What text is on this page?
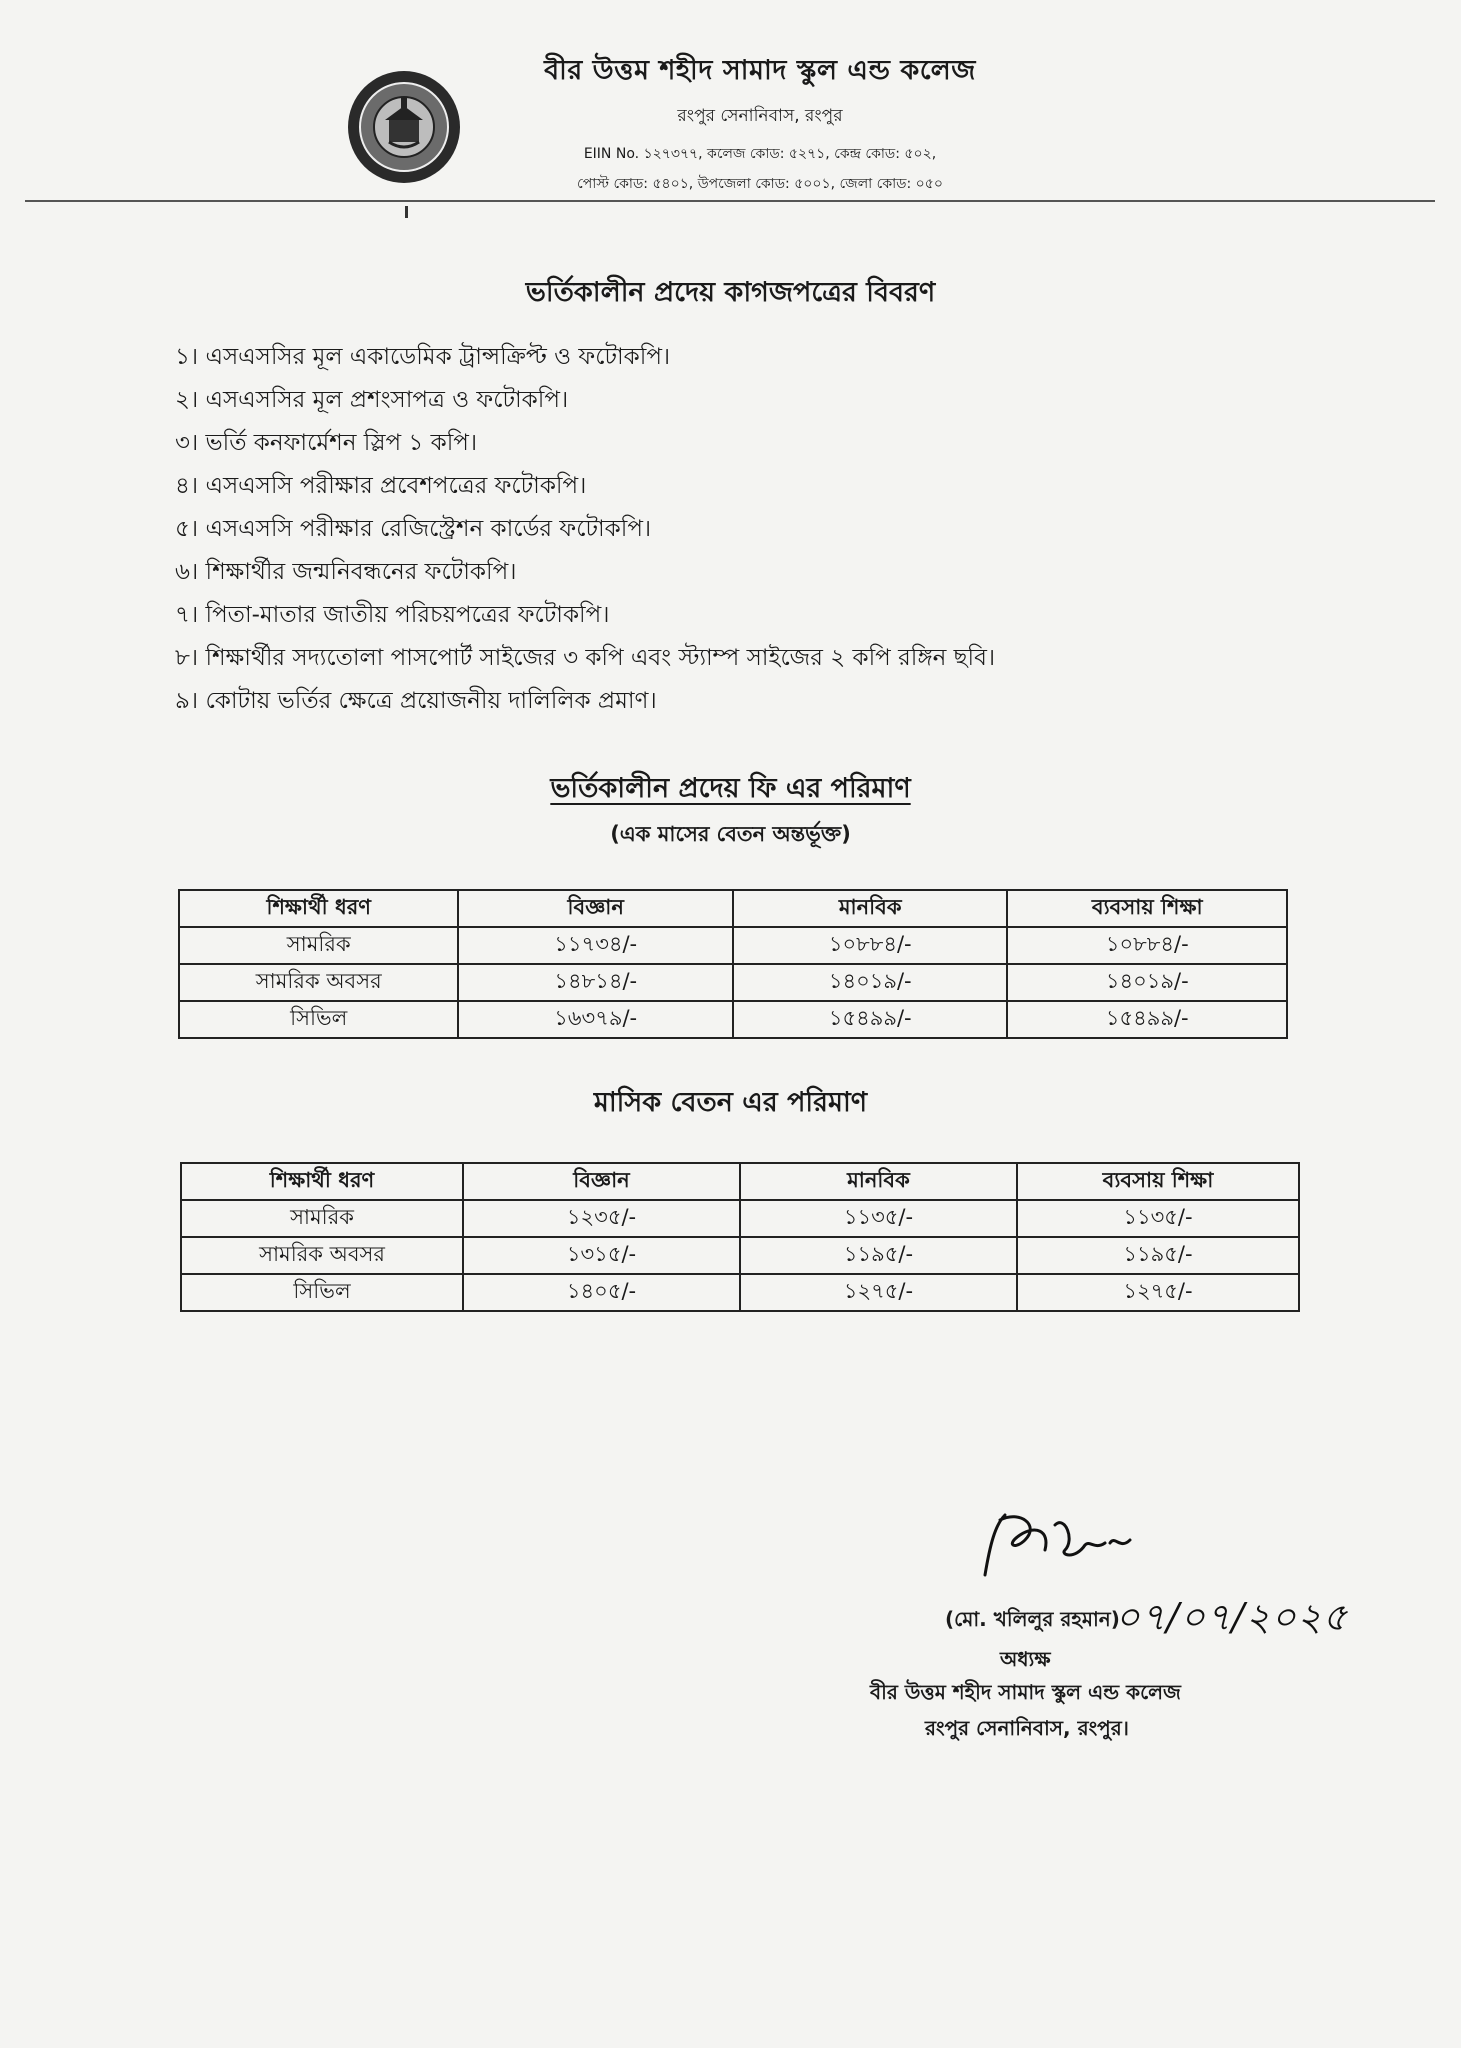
বীর উত্তম শহীদ সামাদ স্কুল এন্ড কলেজ

রংপুর সেনানিবাস, রংপুর

EIIN No. ১২৭৩৭৭, কলেজ কোড: ৫২৭১, কেন্দ্র কোড: ৫০২,
পোস্ট কোড: ৫৪০১, উপজেলা কোড: ৫০০১, জেলা কোড: ০৫০

ভর্তিকালীন প্রদেয় কাগজপত্রের বিবরণ
১। এসএসসির মূল একাডেমিক ট্রান্সক্রিপ্ট ও ফটোকপি।
২। এসএসসির মূল প্রশংসাপত্র ও ফটোকপি।
৩। ভর্তি কনফার্মেশন স্লিপ ১ কপি।
৪। এসএসসি পরীক্ষার প্রবেশপত্রের ফটোকপি।
৫। এসএসসি পরীক্ষার রেজিস্ট্রেশন কার্ডের ফটোকপি।
৬। শিক্ষার্থীর জন্মনিবন্ধনের ফটোকপি।
৭। পিতা-মাতার জাতীয় পরিচয়পত্রের ফটোকপি।
৮। শিক্ষার্থীর সদ্যতোলা পাসপোর্ট সাইজের ৩ কপি এবং স্ট্যাম্প সাইজের ২ কপি রঙ্গিন ছবি।
৯। কোটায় ভর্তির ক্ষেত্রে প্রয়োজনীয় দালিলিক প্রমাণ।
ভর্তিকালীন প্রদেয় ফি এর পরিমাণ
(এক মাসের বেতন অন্তর্ভূক্ত)
শিক্ষার্থী ধরণ	বিজ্ঞান	মানবিক	ব্যবসায় শিক্ষা
সামরিক	১১৭৩৪/-	১০৮৮৪/-	১০৮৮৪/-
সামরিক অবসর	১৪৮১৪/-	১৪০১৯/-	১৪০১৯/-
সিভিল	১৬৩৭৯/-	১৫৪৯৯/-	১৫৪৯৯/-
মাসিক বেতন এর পরিমাণ
শিক্ষার্থী ধরণ	বিজ্ঞান	মানবিক	ব্যবসায় শিক্ষা
সামরিক	১২৩৫/-	১১৩৫/-	১১৩৫/-
সামরিক অবসর	১৩১৫/-	১১৯৫/-	১১৯৫/-
সিভিল	১৪০৫/-	১২৭৫/-	১২৭৫/-
(মো. খলিলুর রহমান)
০৭/০৭/২০২৫
অধ্যক্ষ
বীর উত্তম শহীদ সামাদ স্কুল এন্ড কলেজ
রংপুর সেনানিবাস, রংপুর।
